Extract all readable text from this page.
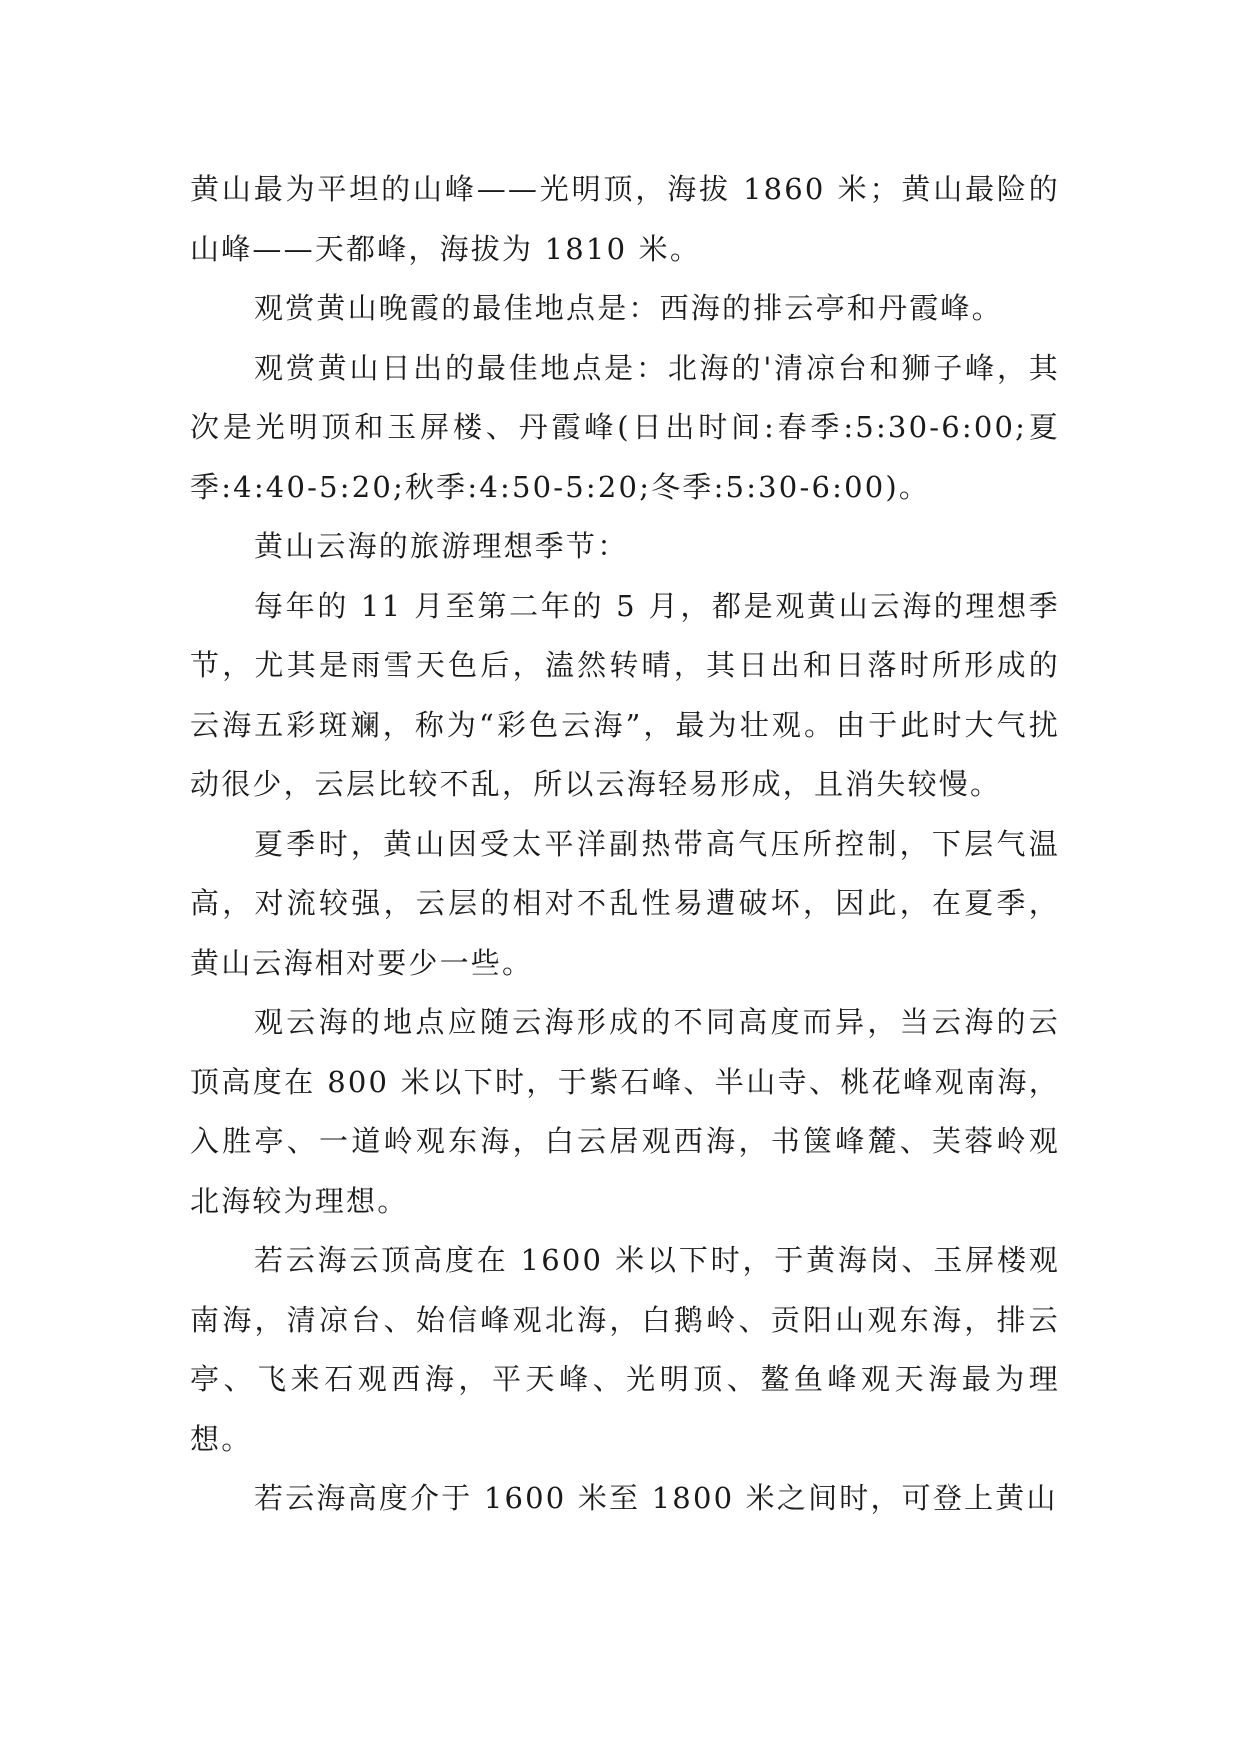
黄山最为平坦的山峰——光明顶，海拔 1860 米；黄山最险的山峰——天都峰，海拔为 1810 米。

观赏黄山晚霞的最佳地点是：西海的排云亭和丹霞峰。

观赏黄山日出的最佳地点是：北海的'清凉台和狮子峰，其次是光明顶和玉屏楼、丹霞峰(日出时间:春季:5:30-6:00;夏季:4:40-5:20;秋季:4:50-5:20;冬季:5:30-6:00)。

黄山云海的旅游理想季节：

每年的 11 月至第二年的 5 月，都是观黄山云海的理想季节，尤其是雨雪天色后，溘然转晴，其日出和日落时所形成的云海五彩斑斓，称为“彩色云海”，最为壮观。由于此时大气扰动很少，云层比较不乱，所以云海轻易形成，且消失较慢。

夏季时，黄山因受太平洋副热带高气压所控制，下层气温高，对流较强，云层的相对不乱性易遭破坏，因此，在夏季，黄山云海相对要少一些。

观云海的地点应随云海形成的不同高度而异，当云海的云顶高度在 800 米以下时，于紫石峰、半山寺、桃花峰观南海，入胜亭、一道岭观东海，白云居观西海，书箧峰麓、芙蓉岭观北海较为理想。

若云海云顶高度在 1600 米以下时，于黄海岗、玉屏楼观南海，清凉台、始信峰观北海，白鹅岭、贡阳山观东海，排云亭、飞来石观西海，平天峰、光明顶、鳌鱼峰观天海最为理想。

若云海高度介于 1600 米至 1800 米之间时，可登上黄山
